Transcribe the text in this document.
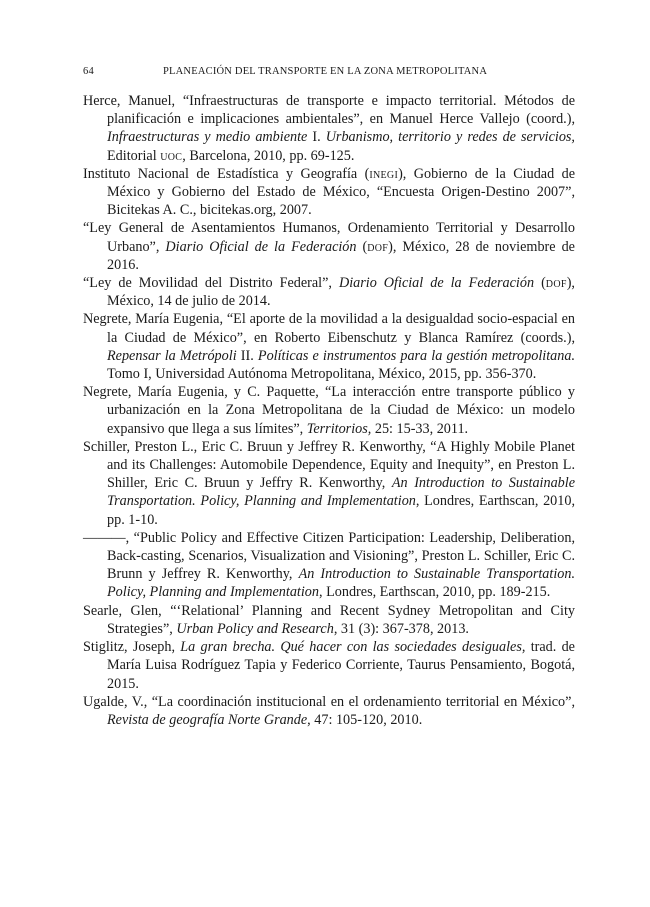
64	PLANEACIÓN DEL TRANSPORTE EN LA ZONA METROPOLITANA
Herce, Manuel, “Infraestructuras de transporte e impacto territorial. Métodos de planificación e implicaciones ambientales”, en Manuel Herce Vallejo (coord.), Infraestructuras y medio ambiente I. Urbanismo, territorio y redes de servicios, Editorial uoc, Barcelona, 2010, pp. 69-125.
Instituto Nacional de Estadística y Geografía (inegi), Gobierno de la Ciudad de México y Gobierno del Estado de México, “Encuesta Origen-Destino 2007”, Bicitekas A. C., bicitekas.org, 2007.
“Ley General de Asentamientos Humanos, Ordenamiento Territorial y Desarrollo Urbano”, Diario Oficial de la Federación (dof), México, 28 de noviembre de 2016.
“Ley de Movilidad del Distrito Federal”, Diario Oficial de la Federación (dof), México, 14 de julio de 2014.
Negrete, María Eugenia, “El aporte de la movilidad a la desigualdad socio-espacial en la Ciudad de México”, en Roberto Eibenschutz y Blanca Ramírez (coords.), Repensar la Metrópoli II. Políticas e instrumentos para la gestión metropolitana. Tomo I, Universidad Autónoma Metropolitana, México, 2015, pp. 356-370.
Negrete, María Eugenia, y C. Paquette, “La interacción entre transporte público y urbanización en la Zona Metropolitana de la Ciudad de México: un modelo expansivo que llega a sus límites”, Territorios, 25: 15-33, 2011.
Schiller, Preston L., Eric C. Bruun y Jeffrey R. Kenworthy, “A Highly Mobile Planet and its Challenges: Automobile Dependence, Equity and Inequity”, en Preston L. Shiller, Eric C. Bruun y Jeffry R. Kenworthy, An Introduction to Sustainable Transportation. Policy, Planning and Implementation, Londres, Earthscan, 2010, pp. 1-10.
———, “Public Policy and Effective Citizen Participation: Leadership, Deliberation, Back-casting, Scenarios, Visualization and Visioning”, Preston L. Schiller, Eric C. Brunn y Jeffrey R. Kenworthy, An Introduction to Sustainable Transportation. Policy, Planning and Implementation, Londres, Earthscan, 2010, pp. 189-215.
Searle, Glen, “‘Relational’ Planning and Recent Sydney Metropolitan and City Strategies”, Urban Policy and Research, 31 (3): 367-378, 2013.
Stiglitz, Joseph, La gran brecha. Qué hacer con las sociedades desiguales, trad. de María Luisa Rodríguez Tapia y Federico Corriente, Taurus Pensamiento, Bogotá, 2015.
Ugalde, V., “La coordinación institucional en el ordenamiento territorial en México”, Revista de geografía Norte Grande, 47: 105-120, 2010.
